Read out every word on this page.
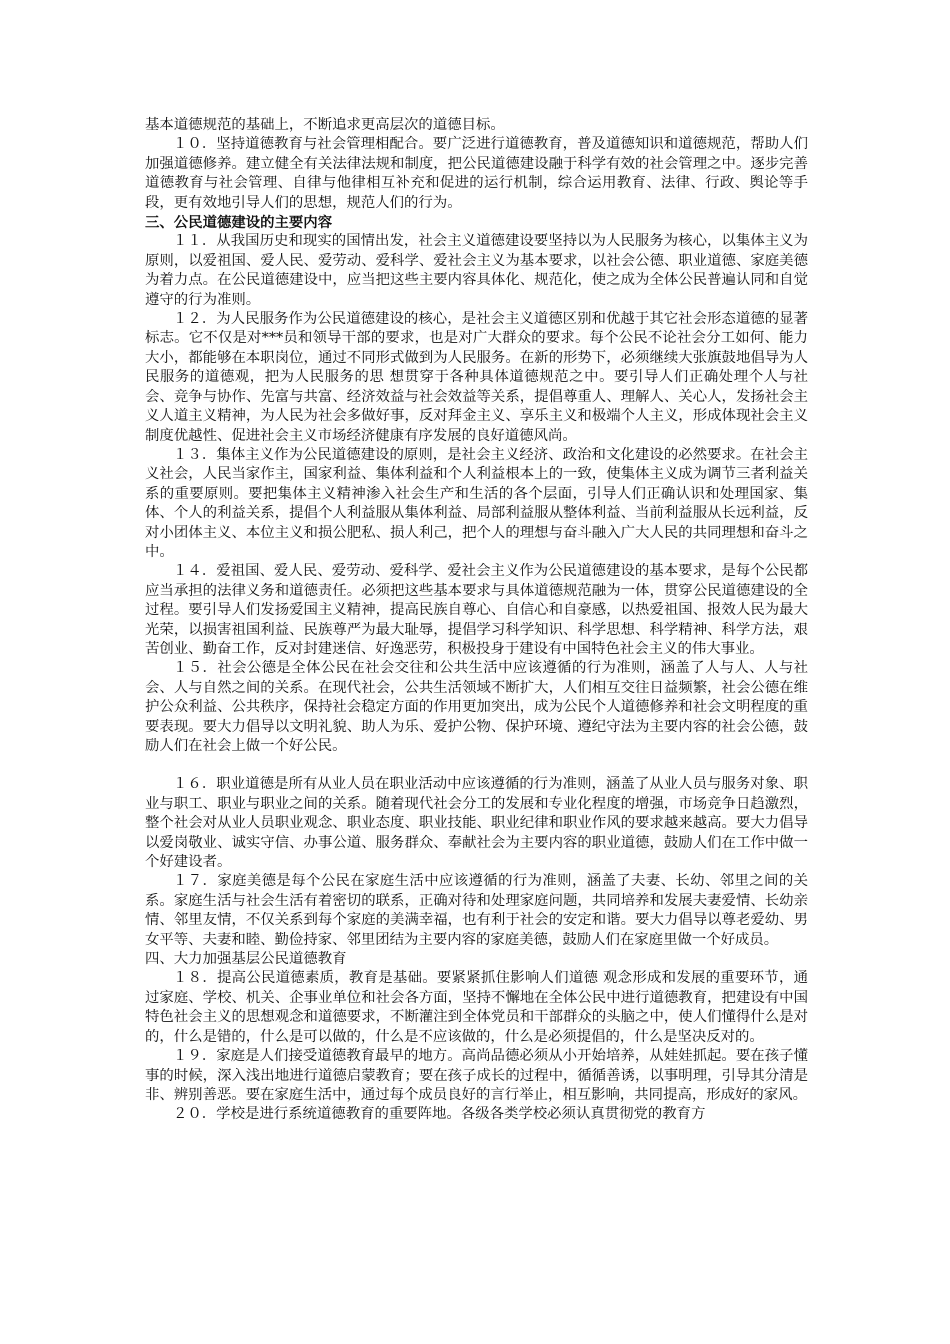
基本道德规范的基础上，不断追求更高层次的道德目标。

１０．坚持道德教育与社会管理相配合。要广泛进行道德教育，普及道德知识和道德规范，帮助人们加强道德修养。建立健全有关法律法规和制度，把公民道德建设融于科学有效的社会管理之中。逐步完善道德教育与社会管理、自律与他律相互补充和促进的运行机制，综合运用教育、法律、行政、舆论等手段，更有效地引导人们的思想，规范人们的行为。

三、公民道德建设的主要内容

１１．从我国历史和现实的国情出发，社会主义道德建设要坚持以为人民服务为核心，以集体主义为原则，以爱祖国、爱人民、爱劳动、爱科学、爱社会主义为基本要求，以社会公德、职业道德、家庭美德为着力点。在公民道德建设中，应当把这些主要内容具体化、规范化，使之成为全体公民普遍认同和自觉遵守的行为准则。

１２．为人民服务作为公民道德建设的核心，是社会主义道德区别和优越于其它社会形态道德的显著标志。它不仅是对***员和领导干部的要求，也是对广大群众的要求。每个公民不论社会分工如何、能力大小，都能够在本职岗位，通过不同形式做到为人民服务。在新的形势下，必须继续大张旗鼓地倡导为人民服务的道德观，把为人民服务的思 想贯穿于各种具体道德规范之中。要引导人们正确处理个人与社会、竞争与协作、先富与共富、经济效益与社会效益等关系，提倡尊重人、理解人、关心人，发扬社会主义人道主义精神，为人民为社会多做好事，反对拜金主义、享乐主义和极端个人主义，形成体现社会主义制度优越性、促进社会主义市场经济健康有序发展的良好道德风尚。

１３．集体主义作为公民道德建设的原则，是社会主义经济、政治和文化建设的必然要求。在社会主义社会，人民当家作主，国家利益、集体利益和个人利益根本上的一致，使集体主义成为调节三者利益关系的重要原则。要把集体主义精神渗入社会生产和生活的各个层面，引导人们正确认识和处理国家、集体、个人的利益关系，提倡个人利益服从集体利益、局部利益服从整体利益、当前利益服从长远利益，反对小团体主义、本位主义和损公肥私、损人利己，把个人的理想与奋斗融入广大人民的共同理想和奋斗之中。

１４．爱祖国、爱人民、爱劳动、爱科学、爱社会主义作为公民道德建设的基本要求，是每个公民都应当承担的法律义务和道德责任。必须把这些基本要求与具体道德规范融为一体，贯穿公民道德建设的全过程。要引导人们发扬爱国主义精神，提高民族自尊心、自信心和自豪感，以热爱祖国、报效人民为最大光荣，以损害祖国利益、民族尊严为最大耻辱，提倡学习科学知识、科学思想、科学精神、科学方法，艰苦创业、勤奋工作，反对封建迷信、好逸恶劳，积极投身于建设有中国特色社会主义的伟大事业。

１５．社会公德是全体公民在社会交往和公共生活中应该遵循的行为准则，涵盖了人与人、人与社会、人与自然之间的关系。在现代社会，公共生活领域不断扩大，人们相互交往日益频繁，社会公德在维护公众利益、公共秩序，保持社会稳定方面的作用更加突出，成为公民个人道德修养和社会文明程度的重要表现。要大力倡导以文明礼貌、助人为乐、爱护公物、保护环境、遵纪守法为主要内容的社会公德，鼓励人们在社会上做一个好公民。

１６．职业道德是所有从业人员在职业活动中应该遵循的行为准则，涵盖了从业人员与服务对象、职业与职工、职业与职业之间的关系。随着现代社会分工的发展和专业化程度的增强，市场竞争日趋激烈，整个社会对从业人员职业观念、职业态度、职业技能、职业纪律和职业作风的要求越来越高。要大力倡导以爱岗敬业、诚实守信、办事公道、服务群众、奉献社会为主要内容的职业道德，鼓励人们在工作中做一个好建设者。

１７．家庭美德是每个公民在家庭生活中应该遵循的行为准则，涵盖了夫妻、长幼、邻里之间的关系。家庭生活与社会生活有着密切的联系，正确对待和处理家庭问题，共同培养和发展夫妻爱情、长幼亲情、邻里友情，不仅关系到每个家庭的美满幸福，也有利于社会的安定和谐。要大力倡导以尊老爱幼、男女平等、夫妻和睦、勤俭持家、邻里团结为主要内容的家庭美德，鼓励人们在家庭里做一个好成员。

四、大力加强基层公民道德教育

１８．提高公民道德素质，教育是基础。要紧紧抓住影响人们道德 观念形成和发展的重要环节，通过家庭、学校、机关、企事业单位和社会各方面，坚持不懈地在全体公民中进行道德教育，把建设有中国特色社会主义的思想观念和道德要求，不断灌注到全体党员和干部群众的头脑之中，使人们懂得什么是对的，什么是错的，什么是可以做的，什么是不应该做的，什么是必须提倡的，什么是坚决反对的。

１９．家庭是人们接受道德教育最早的地方。高尚品德必须从小开始培养，从娃娃抓起。要在孩子懂事的时候，深入浅出地进行道德启蒙教育；要在孩子成长的过程中，循循善诱，以事明理，引导其分清是非、辨别善恶。要在家庭生活中，通过每个成员良好的言行举止，相互影响，共同提高，形成好的家风。

２０．学校是进行系统道德教育的重要阵地。各级各类学校必须认真贯彻党的教育方
